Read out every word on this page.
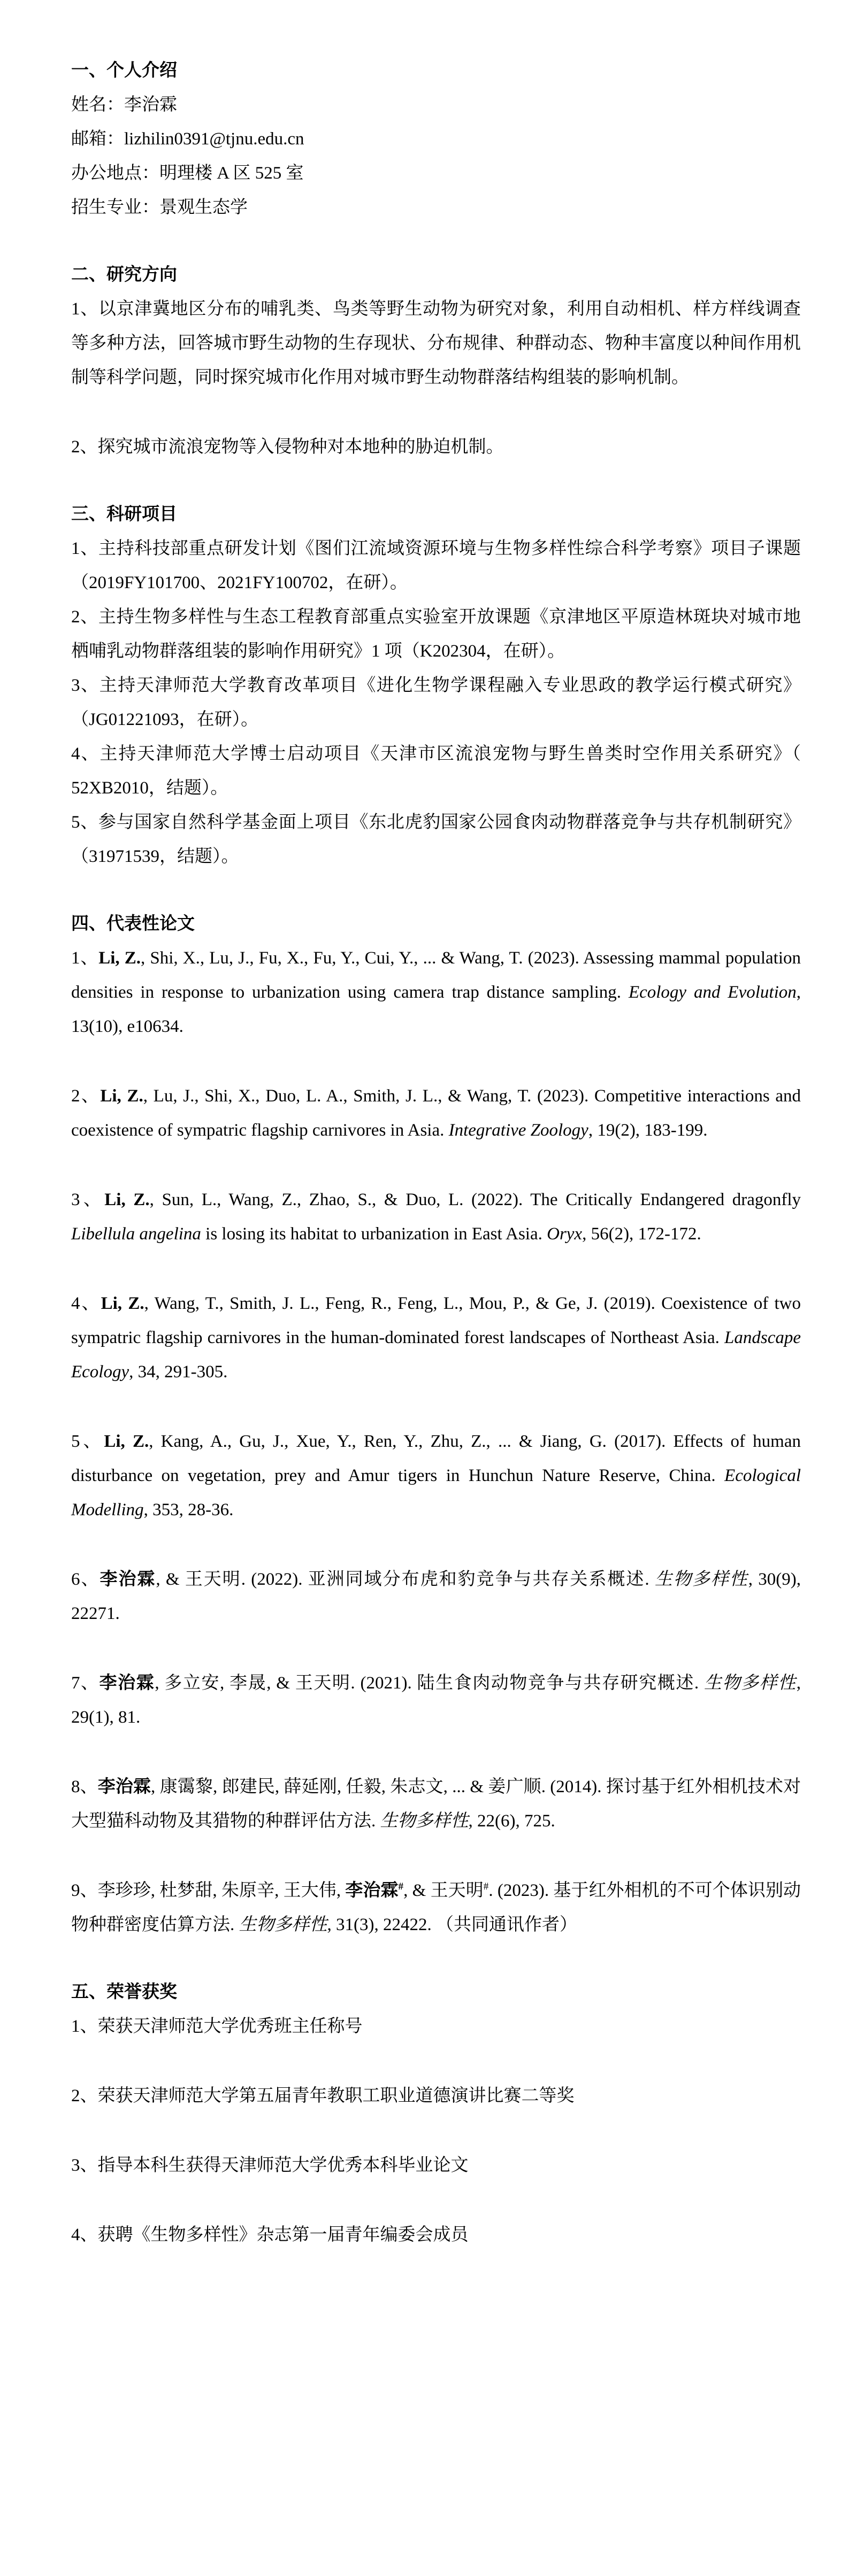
一、个人介绍

姓名：李治霖

邮箱：lizhilin0391@tjnu.edu.cn

办公地点：明理楼 A 区 525 室

招生专业：景观生态学

二、研究方向

1、以京津冀地区分布的哺乳类、鸟类等野生动物为研究对象，利用自动相机、样方样线调查等多种方法，回答城市野生动物的生存现状、分布规律、种群动态、物种丰富度以种间作用机制等科学问题，同时探究城市化作用对城市野生动物群落结构组装的影响机制。

2、探究城市流浪宠物等入侵物种对本地种的胁迫机制。

三、科研项目

1、主持科技部重点研发计划《图们江流域资源环境与生物多样性综合科学考察》项目子课题（2019FY101700、2021FY100702，在研）。

2、主持生物多样性与生态工程教育部重点实验室开放课题《京津地区平原造林斑块对城市地栖哺乳动物群落组装的影响作用研究》1 项（K202304，在研）。

3、主持天津师范大学教育改革项目《进化生物学课程融入专业思政的教学运行模式研究》（JG01221093，在研）。

4、主持天津师范大学博士启动项目《天津市区流浪宠物与野生兽类时空作用关系研究》（ 52XB2010，结题）。

5、参与国家自然科学基金面上项目《东北虎豹国家公园食肉动物群落竞争与共存机制研究》（31971539，结题）。

四、代表性论文

1、Li, Z., Shi, X., Lu, J., Fu, X., Fu, Y., Cui, Y., ... & Wang, T. (2023). Assessing mammal population densities in response to urbanization using camera trap distance sampling. Ecology and Evolution, 13(10), e10634.

2、Li, Z., Lu, J., Shi, X., Duo, L. A., Smith, J. L., & Wang, T. (2023). Competitive interactions and coexistence of sympatric flagship carnivores in Asia. Integrative Zoology, 19(2), 183-199.

3、Li, Z., Sun, L., Wang, Z., Zhao, S., & Duo, L. (2022). The Critically Endangered dragonfly Libellula angelina is losing its habitat to urbanization in East Asia. Oryx, 56(2), 172-172.

4、Li, Z., Wang, T., Smith, J. L., Feng, R., Feng, L., Mou, P., & Ge, J. (2019). Coexistence of two sympatric flagship carnivores in the human-dominated forest landscapes of Northeast Asia. Landscape Ecology, 34, 291-305.

5、Li, Z., Kang, A., Gu, J., Xue, Y., Ren, Y., Zhu, Z., ... & Jiang, G. (2017). Effects of human disturbance on vegetation, prey and Amur tigers in Hunchun Nature Reserve, China. Ecological Modelling, 353, 28-36.

6、李治霖, & 王天明. (2022). 亚洲同域分布虎和豹竞争与共存关系概述. 生物多样性, 30(9), 22271.

7、李治霖, 多立安, 李晟, & 王天明. (2021). 陆生食肉动物竞争与共存研究概述. 生物多样性, 29(1), 81.

8、李治霖, 康霭黎, 郎建民, 薛延刚, 任毅, 朱志文, ... & 姜广顺. (2014). 探讨基于红外相机技术对大型猫科动物及其猎物的种群评估方法. 生物多样性, 22(6), 725.

9、李珍珍, 杜梦甜, 朱原辛, 王大伟, 李治霖#, & 王天明#. (2023). 基于红外相机的不可个体识别动物种群密度估算方法. 生物多样性, 31(3), 22422. （共同通讯作者）

五、荣誉获奖

1、荣获天津师范大学优秀班主任称号

2、荣获天津师范大学第五届青年教职工职业道德演讲比赛二等奖

3、指导本科生获得天津师范大学优秀本科毕业论文

4、获聘《生物多样性》杂志第一届青年编委会成员
